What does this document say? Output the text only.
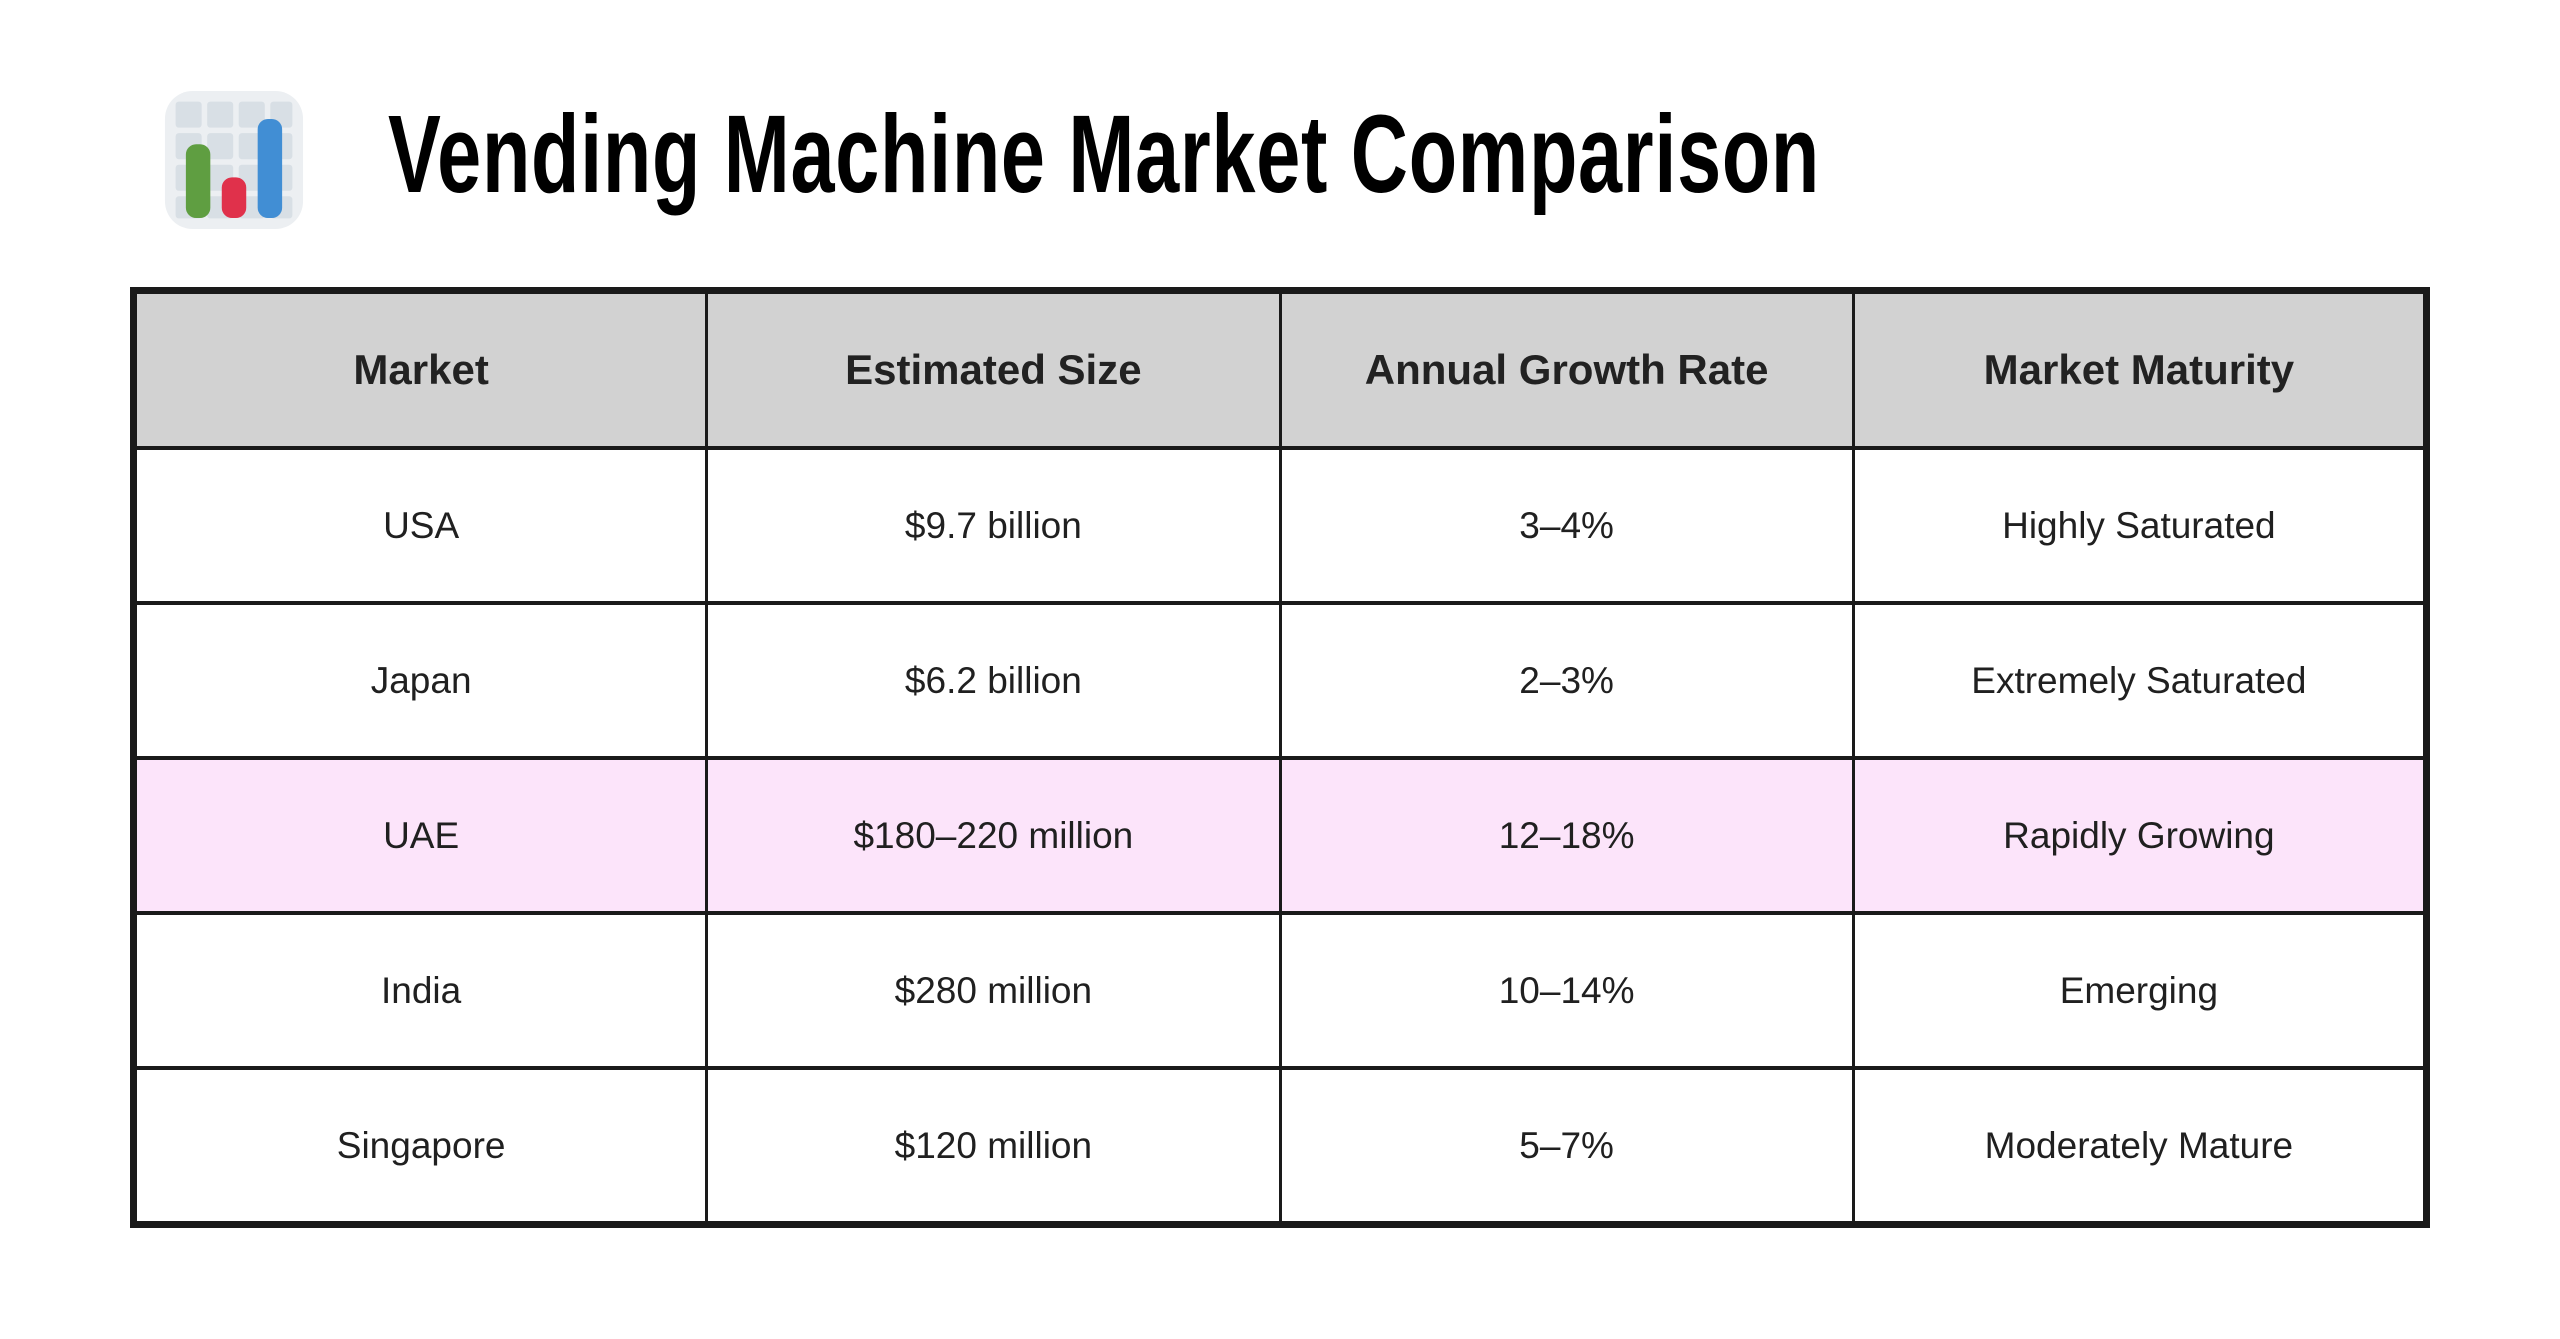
Vending Machine Market Comparison
Market	Estimated Size	Annual Growth Rate	Market Maturity
USA	$9.7 billion	3–4%	Highly Saturated
Japan	$6.2 billion	2–3%	Extremely Saturated
UAE	$180–220 million	12–18%	Rapidly Growing
India	$280 million	10–14%	Emerging
Singapore	$120 million	5–7%	Moderately Mature
